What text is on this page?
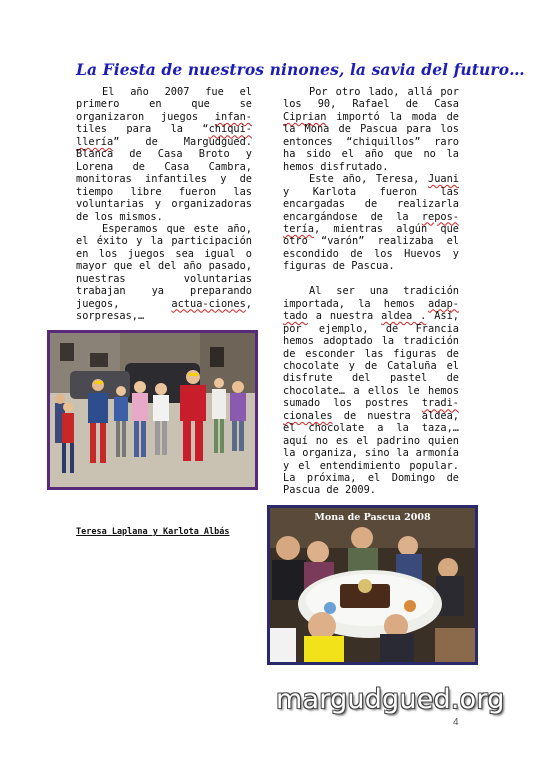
La Fiesta de nuestros ninones, la savia del futuro…

El año 2007 fue el primero en que se organizaron juegos infan-tiles para la “chiqui-llería” de Margudgued. Blanca de Casa Broto y Lorena de Casa Cambra, monitoras infantiles y de tiempo libre fueron las voluntarias y organizadoras de los mismos.

Esperamos que este año, el éxito y la participación en los juegos sea igual o mayor que el del año pasado, nuestras voluntarias trabajan ya preparando juegos, actua-ciones, sorpresas,…

Por otro lado, allá por los 90, Rafael de Casa Ciprian importó la moda de la Mona de Pascua para los entonces “chiquillos” raro ha sido el año que no la hemos disfrutado.

Este año, Teresa, Juani y Karlota fueron las encargadas de realizarla encargándose de la repos-tería, mientras algún que otro “varón” realizaba el escondido de los Huevos y figuras de Pascua.

Al ser una tradición importada, la hemos adap-tado a nuestra aldea . Así, por ejemplo, de Francia hemos adoptado la tradición de esconder las figuras de chocolate y de Cataluña el disfrute del pastel de chocolate… a ellos le hemos sumado los postres tradi-cionales de nuestra aldea, el chocolate a la taza,… aquí no es el padrino quien la organiza, sino la armonía y el entendimiento popular. La próxima, el Domingo de Pascua de 2009.

Teresa Laplana y Karlota Albás
Mona de Pascua 2008
margudgued.org
4
